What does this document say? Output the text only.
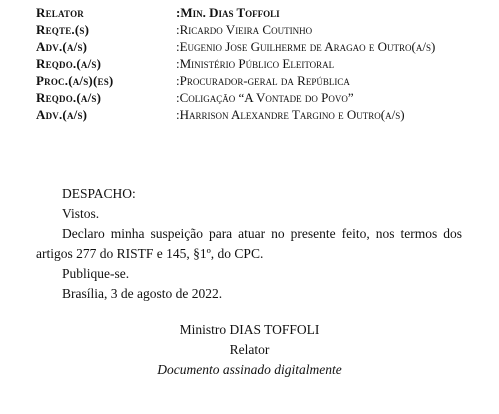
Relator	:Min. Dias Toffoli
Reqte.(s)	:Ricardo Vieira Coutinho
Adv.(a/s)	:Eugenio Jose Guilherme de Aragao e Outro(a/s)
Reqdo.(a/s)	:Ministério Público Eleitoral
Proc.(a/s)(es)	:Procurador-geral da República
Reqdo.(a/s)	:Coligação “A Vontade do Povo”
Adv.(a/s)	:Harrison Alexandre Targino e Outro(a/s)

DESPACHO:

Vistos.

Declaro minha suspeição para atuar no presente feito, nos termos dos artigos 277 do RISTF e 145, §1º, do CPC.

Publique-se.

Brasília, 3 de agosto de 2022.

Ministro DIAS TOFFOLI
Relator
Documento assinado digitalmente
